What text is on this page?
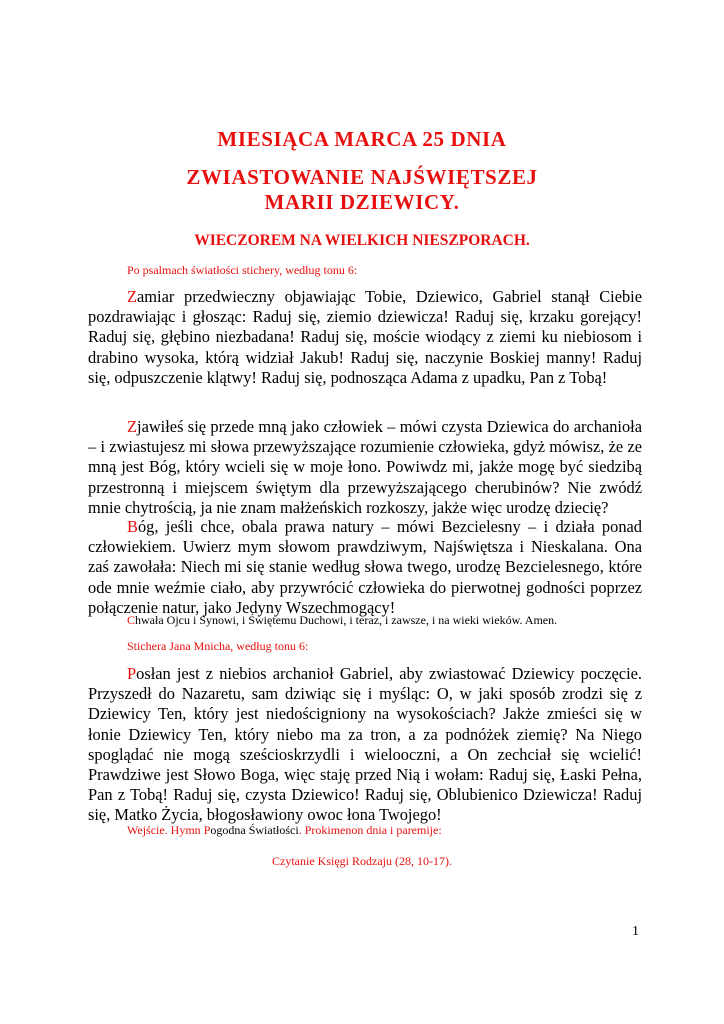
MIESIĄCA MARCA 25 DNIA
ZWIASTOWANIE NAJŚWIĘTSZEJ
MARII DZIEWICY.
WIECZOREM NA WIELKICH NIESZPORACH.

Po psalmach światłości stichery, według tonu 6:

Zamiar przedwieczny objawiając Tobie, Dziewico, Gabriel stanął Ciebie pozdrawiając i głosząc: Raduj się, ziemio dziewicza! Raduj się, krzaku gorejący! Raduj się, głębino niezbadana! Raduj się, moście wiodący z ziemi ku niebiosom i drabino wysoka, którą widział Jakub! Raduj się, naczynie Boskiej manny! Raduj się, odpuszczenie klątwy! Raduj się, podnosząca Adama z upadku, Pan z Tobą!

Zjawiłeś się przede mną jako człowiek – mówi czysta Dziewica do archanioła – i zwiastujesz mi słowa przewyższające rozumienie człowieka, gdyż mówisz, że ze mną jest Bóg, który wcieli się w moje łono. Powiwdz mi, jakże mogę być siedzibą przestronną i miejscem świętym dla przewyższającego cherubinów? Nie zwódź mnie chytrością, ja nie znam małżeńskich rozkoszy, jakże więc urodzę dziecię?

Bóg, jeśli chce, obala prawa natury – mówi Bezcielesny – i działa ponad człowiekiem. Uwierz mym słowom prawdziwym, Najświętsza i Nieskalana. Ona zaś zawołała: Niech mi się stanie według słowa twego, urodzę Bezcielesnego, które ode mnie weźmie ciało, aby przywrócić człowieka do pierwotnej godności poprzez połączenie natur, jako Jedyny Wszechmogący!

Chwała Ojcu i Synowi, i Świętemu Duchowi, i teraz, i zawsze, i na wieki wieków. Amen.

Stichera Jana Mnicha, według tonu 6:

Posłan jest z niebios archanioł Gabriel, aby zwiastować Dziewicy poczęcie. Przyszedł do Nazaretu, sam dziwiąc się i myśląc: O, w jaki sposób zrodzi się z Dziewicy Ten, który jest niedościgniony na wysokościach? Jakże zmieści się w łonie Dziewicy Ten, który niebo ma za tron, a za podnóżek ziemię? Na Niego spoglądać nie mogą sześcioskrzydli i wielooczni, a On zechciał się wcielić! Prawdziwe jest Słowo Boga, więc staję przed Nią i wołam: Raduj się, Łaski Pełna, Pan z Tobą! Raduj się, czysta Dziewico! Raduj się, Oblubienico Dziewicza! Raduj się, Matko Życia, błogosławiony owoc łona Twojego!

Wejście. Hymn Pogodna Światłości. Prokimenon dnia i paremije:

Czytanie Księgi Rodzaju (28, 10-17).

1
